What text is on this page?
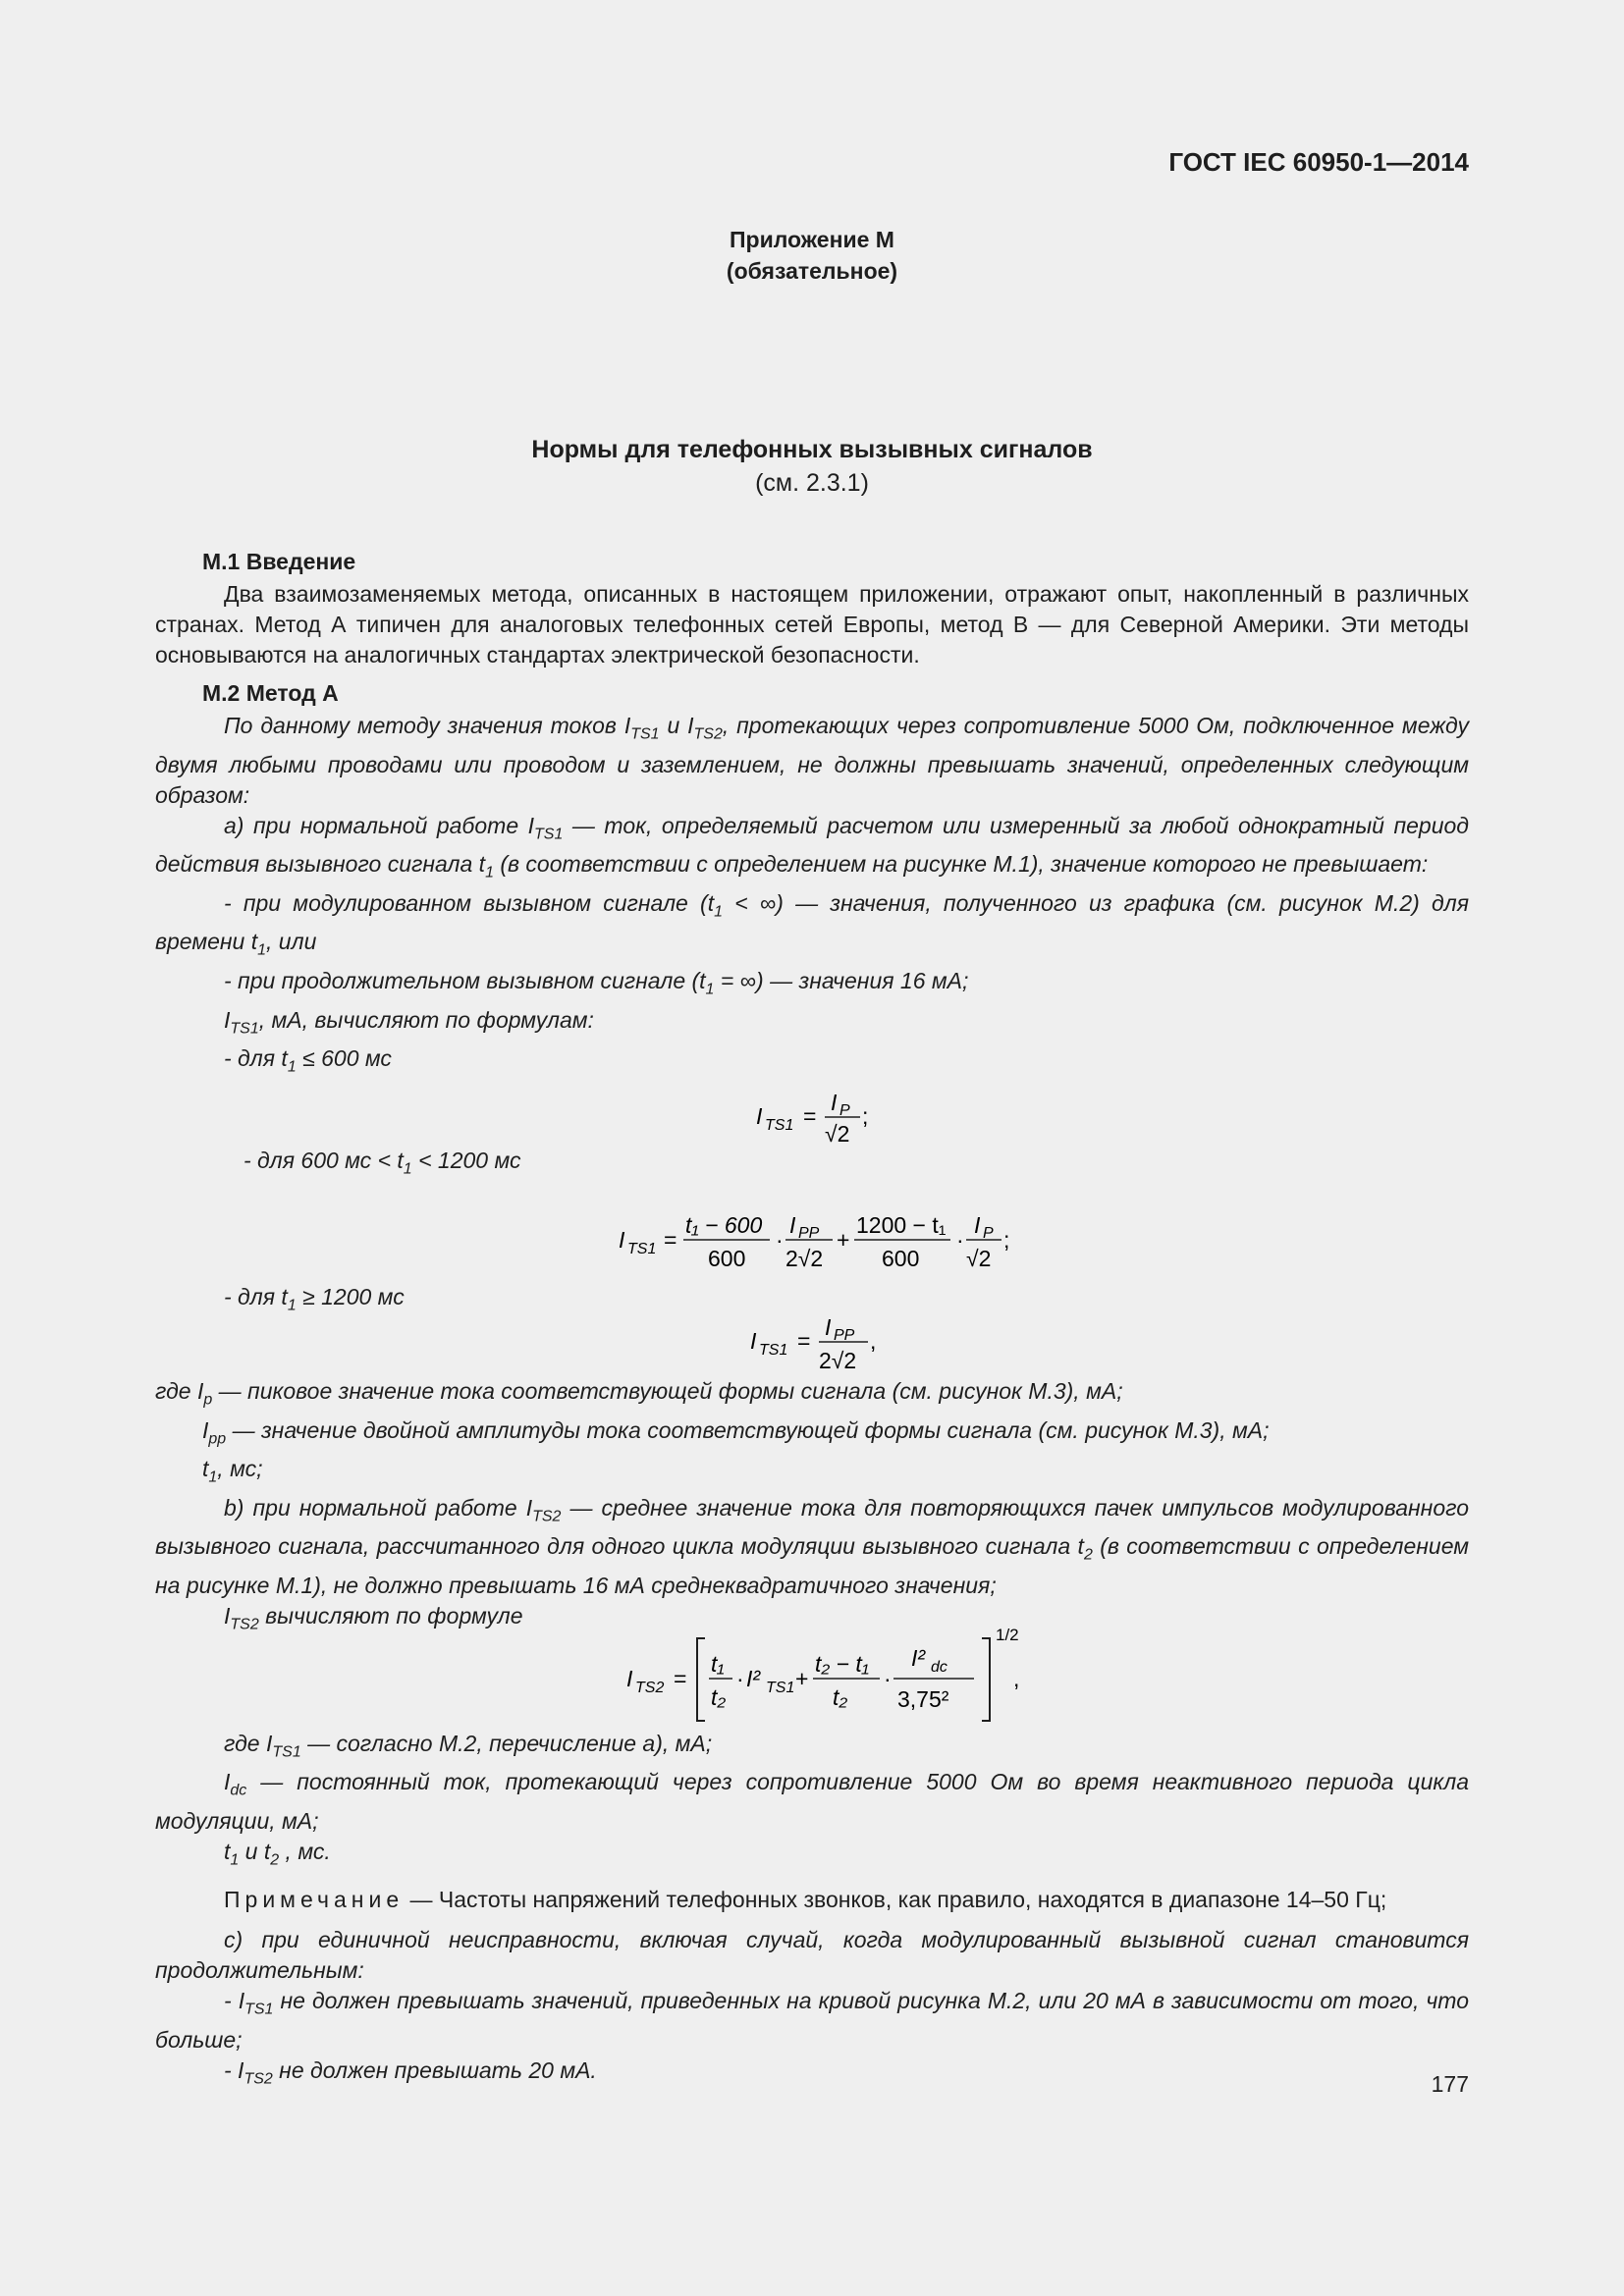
ГОСТ IEC 60950-1—2014
Приложение М
(обязательное)
Нормы для телефонных вызывных сигналов
(см. 2.3.1)

М.1 Введение

Два взаимозаменяемых метода, описанных в настоящем приложении, отражают опыт, накопленный в различных странах. Метод А типичен для аналоговых телефонных сетей Европы, метод В — для Северной Америки. Эти методы основываются на аналогичных стандартах электрической безопасности.

М.2 Метод А

По данному методу значения токов $I_{TS1}$ и $I_{TS2}$, протекающих через сопротивление 5000 Ом, подключенное между двумя любыми проводами или проводом и заземлением, не должны превышать значений, определенных следующим образом:

а) при нормальной работе $I_{TS1}$ — ток, определяемый расчетом или измеренный за любой однократный период действия вызывного сигнала $t_1$ (в соответствии с определением на рисунке М.1), значение которого не превышает:

- при модулированном вызывном сигнале ($t_1$ < ∞) — значения, полученного из графика (см. рисунок М.2) для времени $t_1$, или

- при продолжительном вызывном сигнале ($t_1$ = ∞) — значения 16 мА;

$I_{TS1}$, мА, вычисляют по формулам:

- для $t_1 \le 600$ мс

I TS1 =
I P
√2
;

- для 600 мс < $t_1 < 1200$ мс

I TS1 =
t₁ − 600
600
·
I PP
2√2
+
1200 − t₁
600
·
I P
√2
;

- для $t_1 \ge 1200$ мс

I TS1 =
I PP
2√2
,

где $I_p$ — пиковое значение тока соответствующей формы сигнала (см. рисунок М.3), мА;

$I_{pp}$ — значение двойной амплитуды тока соответствующей формы сигнала (см. рисунок М.3), мА;

$t_1$, мс;

b) при нормальной работе $I_{TS2}$ — среднее значение тока для повторяющихся пачек импульсов модулированного вызывного сигнала, рассчитанного для одного цикла модуляции вызывного сигнала $t_2$ (в соответствии с определением на рисунке М.1), не должно превышать 16 мА среднеквадратичного значения;

$I_{TS2}$ вычисляют по формуле

I TS2 =
t₁
t₂
· I² TS1 +
t₂ − t₁
t₂
·
I² dc
3,75²
1/2
,

где $I_{TS1}$ — согласно М.2, перечисление а), мА;

$I_{dc}$ — постоянный ток, протекающий через сопротивление 5000 Ом во время неактивного периода цикла модуляции, мА;

$t_1$ и $t_2$ , мс.

Примечание — Частоты напряжений телефонных звонков, как правило, находятся в диапазоне 14–50 Гц;

с) при единичной неисправности, включая случай, когда модулированный вызывной сигнал становится продолжительным:

- $I_{TS1}$ не должен превышать значений, приведенных на кривой рисунка М.2, или 20 мА в зависимости от того, что больше;

- $I_{TS2}$ не должен превышать 20 мА.

177
